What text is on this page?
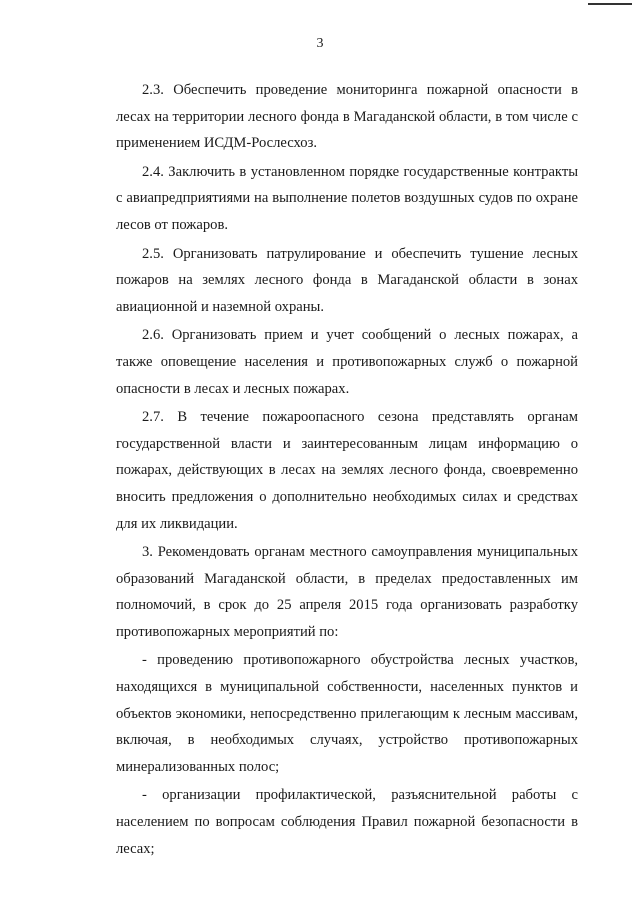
3

2.3. Обеспечить проведение мониторинга пожарной опасности в лесах на территории лесного фонда в Магаданской области, в том числе с применением ИСДМ-Рослесхоз.

2.4. Заключить в установленном порядке государственные контракты с авиапредприятиями на выполнение полетов воздушных судов по охране лесов от пожаров.

2.5. Организовать патрулирование и обеспечить тушение лесных пожаров на землях лесного фонда в Магаданской области в зонах авиационной и наземной охраны.

2.6. Организовать прием и учет сообщений о лесных пожарах, а также оповещение населения и противопожарных служб о пожарной опасности в лесах и лесных пожарах.

2.7. В течение пожароопасного сезона представлять органам государственной власти и заинтересованным лицам информацию о пожарах, действующих в лесах на землях лесного фонда, своевременно вносить предложения о дополнительно необходимых силах и средствах для их ликвидации.

3. Рекомендовать органам местного самоуправления муниципальных образований Магаданской области, в пределах предоставленных им полномочий, в срок до 25 апреля 2015 года организовать разработку противопожарных мероприятий по:

- проведению противопожарного обустройства лесных участков, находящихся в муниципальной собственности, населенных пунктов и объектов экономики, непосредственно прилегающим к лесным массивам, включая, в необходимых случаях, устройство противопожарных минерализованных полос;

- организации профилактической, разъяснительной работы с населением по вопросам соблюдения Правил пожарной безопасности в лесах;
